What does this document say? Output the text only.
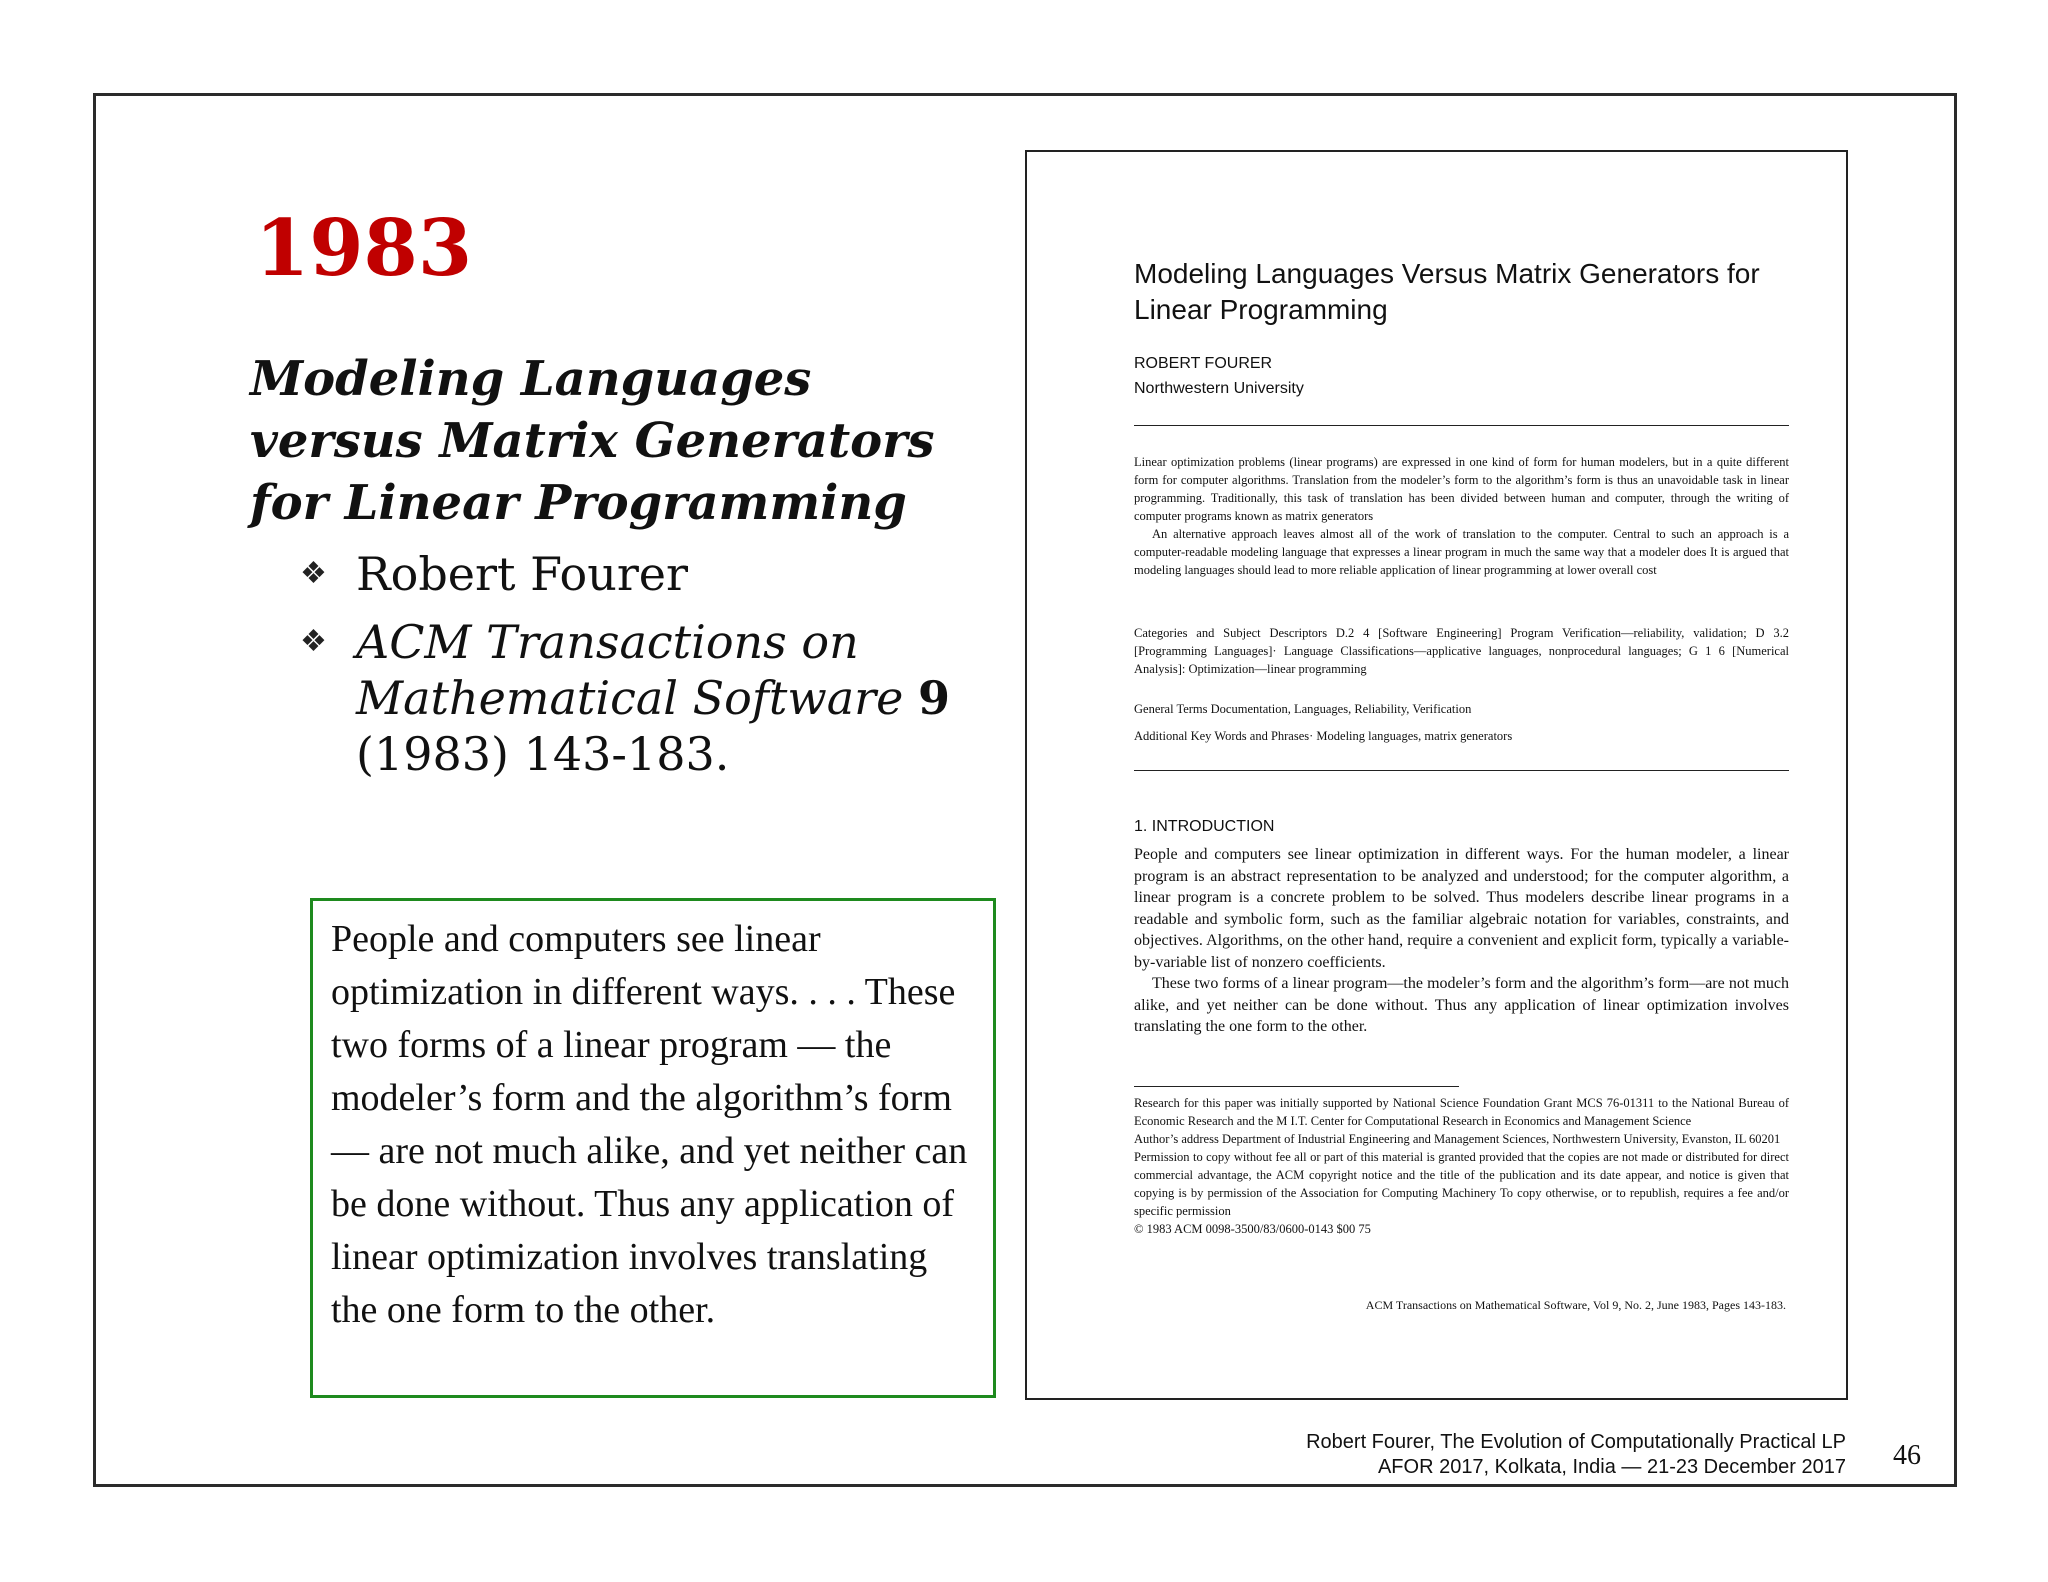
1983
Modeling Languages versus Matrix Generators for Linear Programming
❖ Robert Fourer
❖ ACM Transactions on Mathematical Software 9 (1983) 143-183.

People and computers see linear optimization in different ways. . . . These two forms of a linear program — the modeler’s form and the algorithm’s form — are not much alike, and yet neither can be done without. Thus any application of linear optimization involves translating the one form to the other.

Modeling Languages Versus Matrix Generators for Linear Programming

ROBERT FOURER

Northwestern University

Linear optimization problems (linear programs) are expressed in one kind of form for human modelers, but in a quite different form for computer algorithms. Translation from the modeler’s form to the algorithm’s form is thus an unavoidable task in linear programming. Traditionally, this task of translation has been divided between human and computer, through the writing of computer programs known as matrix generators

An alternative approach leaves almost all of the work of translation to the computer. Central to such an approach is a computer-readable modeling language that expresses a linear program in much the same way that a modeler does It is argued that modeling languages should lead to more reliable application of linear programming at lower overall cost

Categories and Subject Descriptors D.2 4 [Software Engineering] Program Verification—reliability, validation; D 3.2 [Programming Languages]· Language Classifications—applicative languages, nonprocedural languages; G 1 6 [Numerical Analysis]: Optimization—linear programming

General Terms Documentation, Languages, Reliability, Verification

Additional Key Words and Phrases· Modeling languages, matrix generators

1. INTRODUCTION

People and computers see linear optimization in different ways. For the human modeler, a linear program is an abstract representation to be analyzed and understood; for the computer algorithm, a linear program is a concrete problem to be solved. Thus modelers describe linear programs in a readable and symbolic form, such as the familiar algebraic notation for variables, constraints, and objectives. Algorithms, on the other hand, require a convenient and explicit form, typically a variable-by-variable list of nonzero coefficients.

These two forms of a linear program—the modeler’s form and the algorithm’s form—are not much alike, and yet neither can be done without. Thus any application of linear optimization involves translating the one form to the other.

Research for this paper was initially supported by National Science Foundation Grant MCS 76-01311 to the National Bureau of Economic Research and the M I.T. Center for Computational Research in Economics and Management Science

Author’s address Department of Industrial Engineering and Management Sciences, Northwestern University, Evanston, IL 60201

Permission to copy without fee all or part of this material is granted provided that the copies are not made or distributed for direct commercial advantage, the ACM copyright notice and the title of the publication and its date appear, and notice is given that copying is by permission of the Association for Computing Machinery To copy otherwise, or to republish, requires a fee and/or specific permission

© 1983 ACM 0098-3500/83/0600-0143 $00 75

ACM Transactions on Mathematical Software, Vol 9, No. 2, June 1983, Pages 143-183.

Robert Fourer, The Evolution of Computationally Practical LP
AFOR 2017, Kolkata, India — 21-23 December 2017 46
